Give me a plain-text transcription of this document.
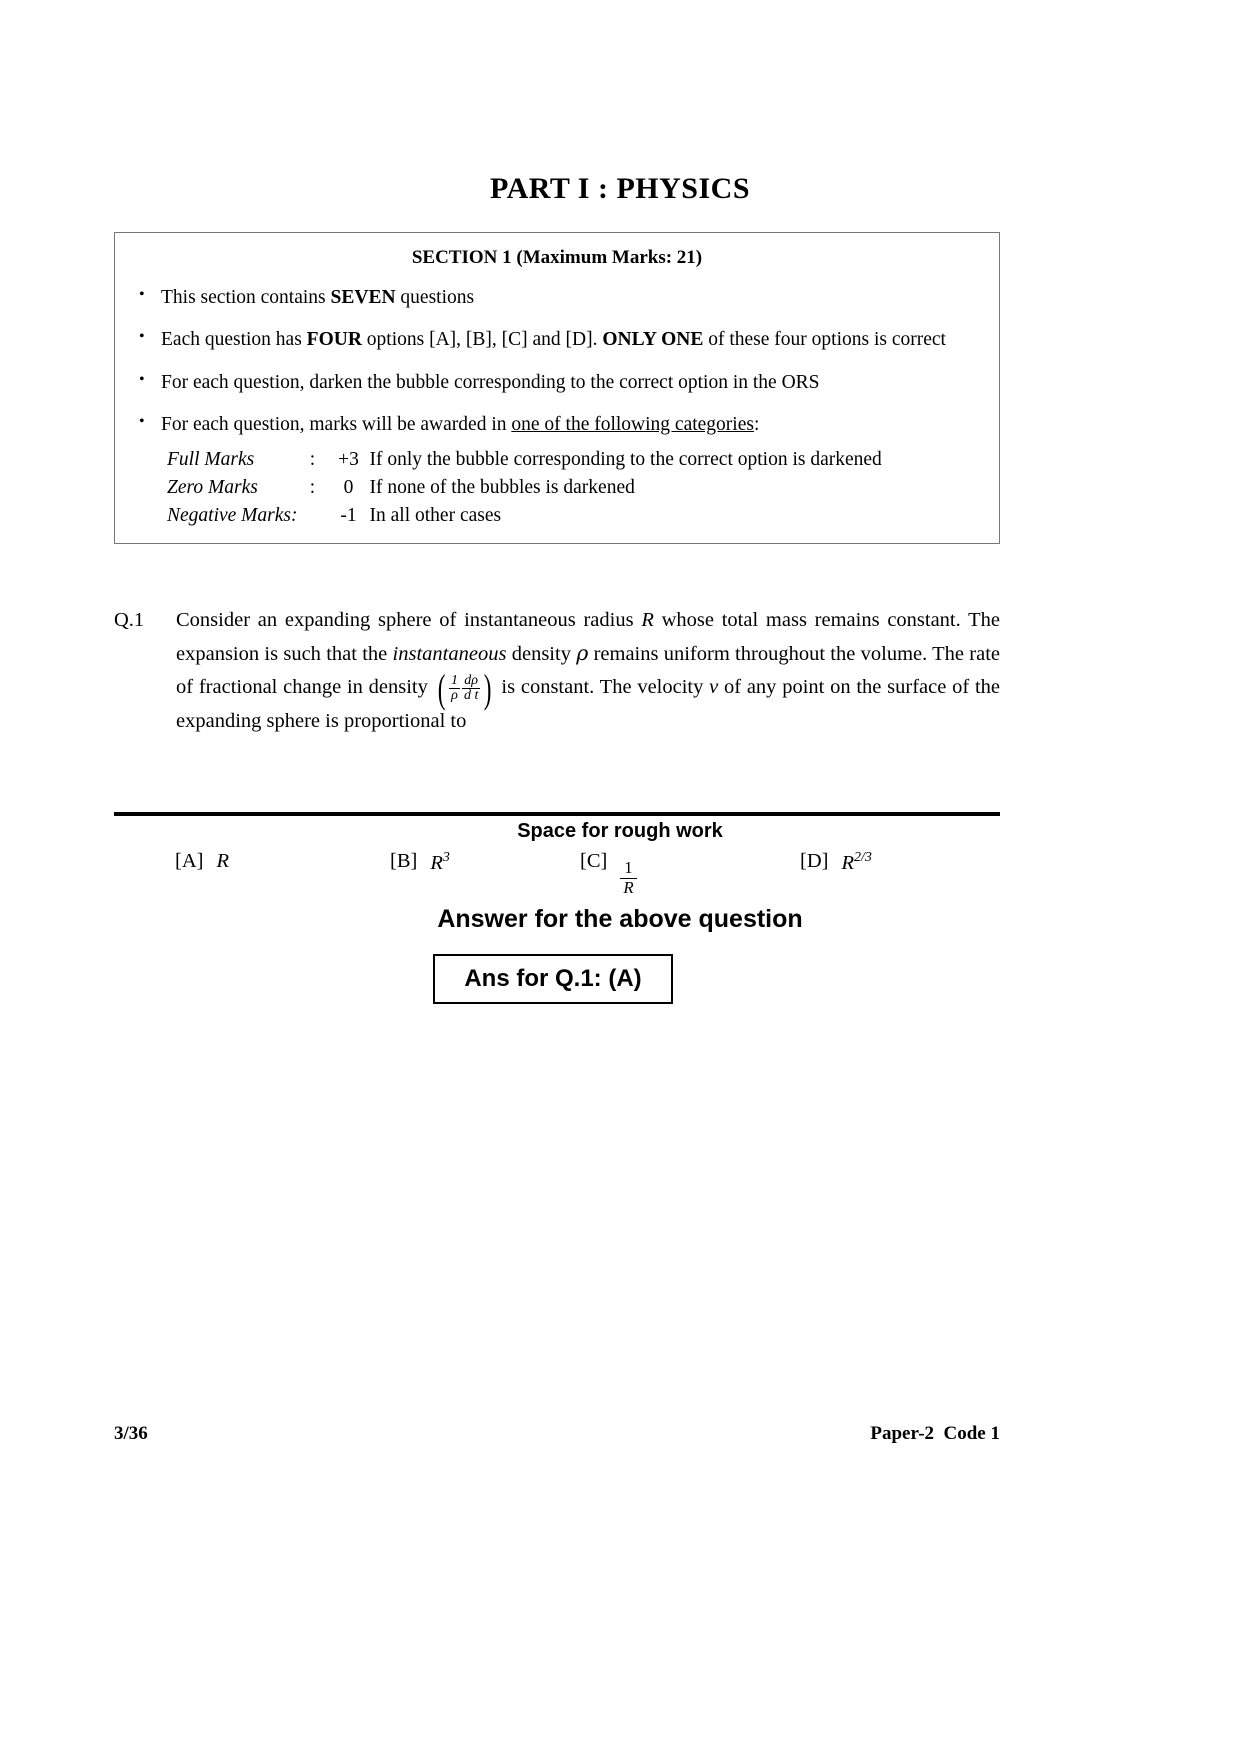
PART I : PHYSICS
SECTION 1 (Maximum Marks: 21)
• This section contains SEVEN questions
• Each question has FOUR options [A], [B], [C] and [D]. ONLY ONE of these four options is correct
• For each question, darken the bubble corresponding to the correct option in the ORS
• For each question, marks will be awarded in one of the following categories:
Full Marks	:	+3	If only the bubble corresponding to the correct option is darkened
Zero Marks	:	0	If none of the bubbles is darkened
Negative Marks:		-1	In all other cases
Q.1	Consider an expanding sphere of instantaneous radius R whose total mass remains constant. The expansion is such that the instantaneous density ρ remains uniform throughout the volume. The rate of fractional change in density ( $\frac{1}{\rho} \frac{d\rho}{\text{d t}}$ ) is constant. The velocity v of any point on the surface of the expanding sphere is proportional to
[A] R	[B] $R^3$	$[C] \frac{1}{R}$	[D] $R^{2/3}$
Space for rough work
Answer for the above question
Ans for Q.1: (A)
3/36	Paper-2  Code 1
